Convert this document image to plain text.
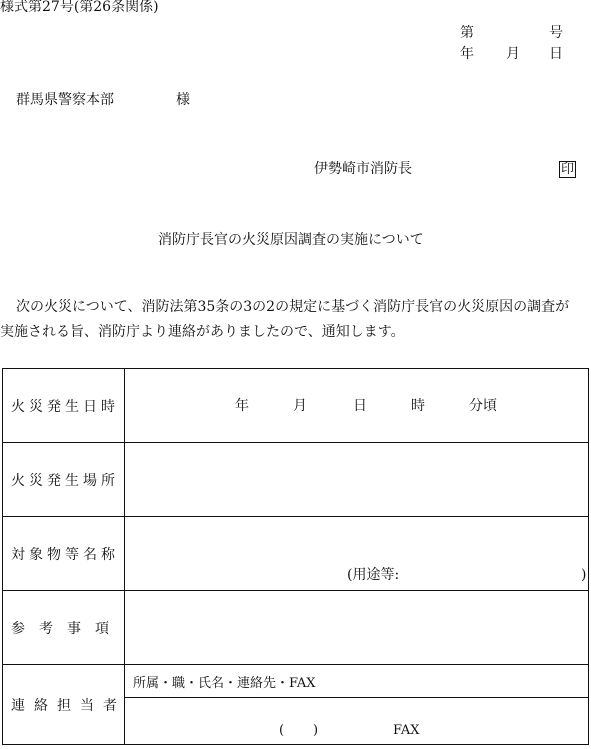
様式第27号(第26条関係)
第	号
年 月 日
群馬県警察本部	様
伊勢崎市消防長	印
消防庁長官の火災原因調査の実施について
次の火災について、消防法第35条の3の2の規定に基づく消防庁長官の火災原因の調査が
実施される旨、消防庁より連絡がありましたので、通知します。
火災発生日時	年 月 日 時 分頃

火災発生場所	
対象物等名称	(用途等: )

参考事項	
連絡担当者	所属・職・氏名・連絡先・FAX
( ) FAX
